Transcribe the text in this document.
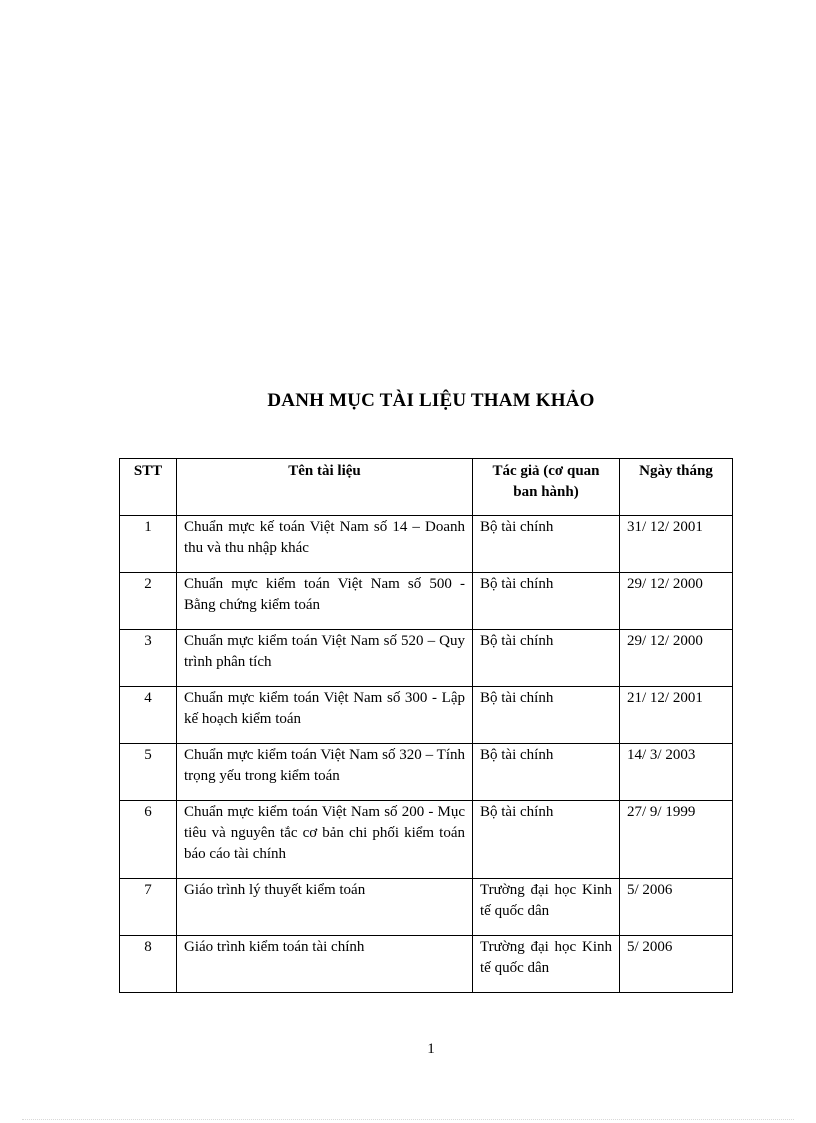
DANH MỤC TÀI LIỆU THAM KHẢO
STT	Tên tài liệu	Tác giả (cơ quan ban hành)	Ngày tháng
1	Chuẩn mực kế toán Việt Nam số 14 – Doanh thu và thu nhập khác	Bộ tài chính	31/ 12/ 2001
2	Chuẩn mực kiểm toán Việt Nam số 500 - Bằng chứng kiểm toán	Bộ tài chính	29/ 12/ 2000
3	Chuẩn mực kiểm toán Việt Nam số 520 – Quy trình phân tích	Bộ tài chính	29/ 12/ 2000
4	Chuẩn mực kiểm toán Việt Nam số 300 - Lập kế hoạch kiểm toán	Bộ tài chính	21/ 12/ 2001
5	Chuẩn mực kiểm toán Việt Nam số 320 – Tính trọng yếu trong kiểm toán	Bộ tài chính	14/ 3/ 2003
6	Chuẩn mực kiểm toán Việt Nam số 200 - Mục tiêu và nguyên tắc cơ bản chi phối kiểm toán báo cáo tài chính	Bộ tài chính	27/ 9/ 1999
7	Giáo trình lý thuyết kiểm toán	Trường đại học Kinh tế quốc dân	5/ 2006
8	Giáo trình kiểm toán tài chính	Trường đại học Kinh tế quốc dân	5/ 2006
1
